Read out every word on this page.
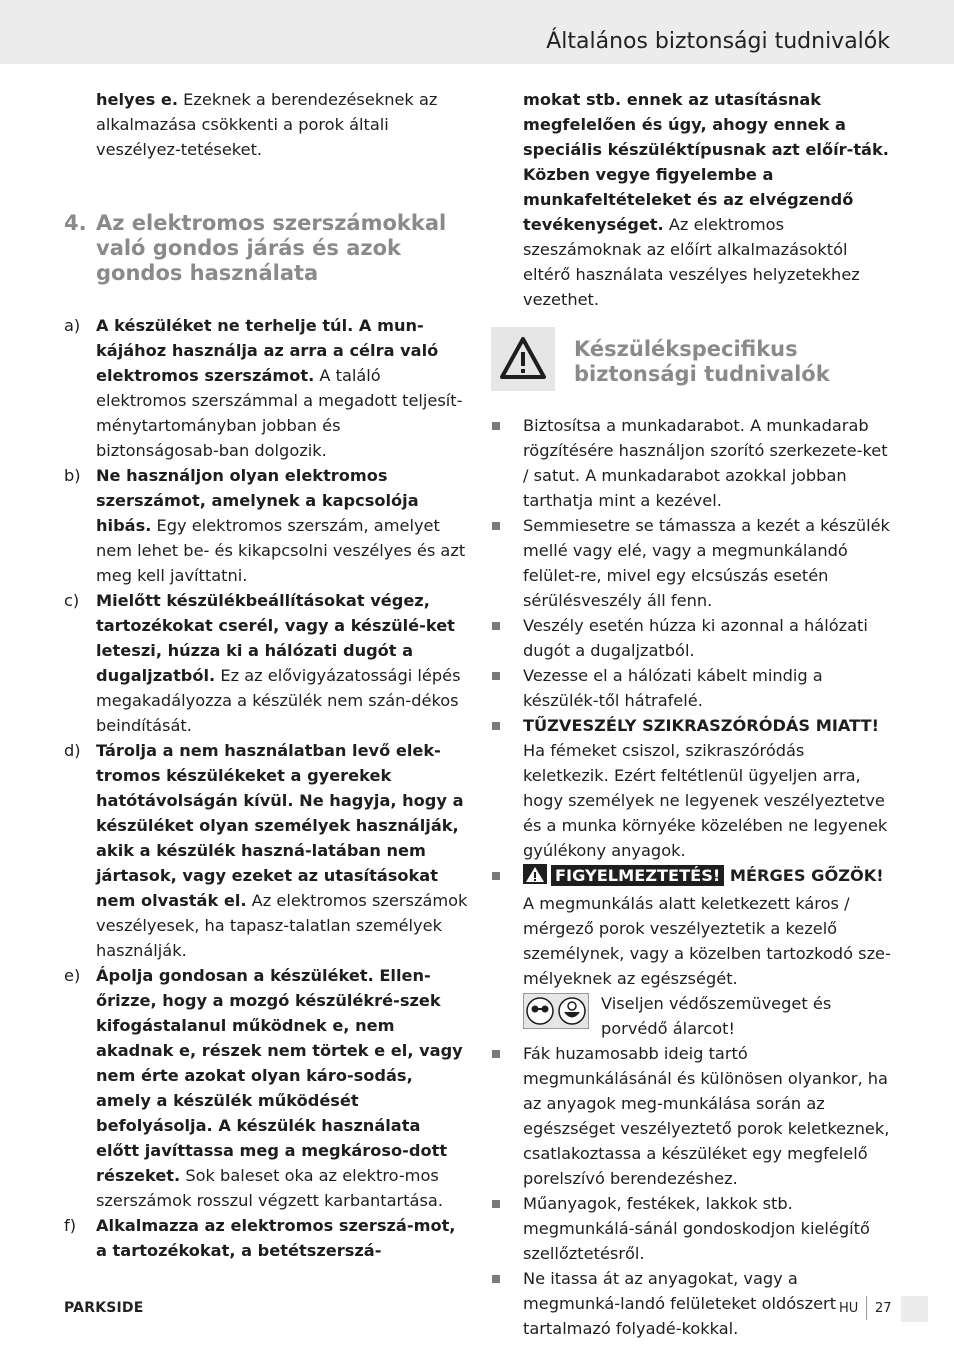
Általános biztonsági tudnivalók

helyes e. Ezeknek a berendezéseknek az alkalmazása csökkenti a porok általi veszélyez-tetéseket.

4. Az elektromos szerszámokkal való gondos járás és azok gondos használata
a) A készüléket ne terhelje túl. A mun-kájához használja az arra a célra való elektromos szerszámot. A találó elektromos szerszámmal a megadott teljesít-ménytartományban jobban és biztonságosab-ban dolgozik.
b) Ne használjon olyan elektromos szerszámot, amelynek a kapcsolója hibás. Egy elektromos szerszám, amelyet nem lehet be- és kikapcsolni veszélyes és azt meg kell javíttatni.
c) Mielőtt készülékbeállításokat végez, tartozékokat cserél, vagy a készülé-ket leteszi, húzza ki a hálózati dugót a dugaljzatból. Ez az elővigyázatossági lépés megakadályozza a készülék nem szán-dékos beindítását.
d) Tárolja a nem használatban levő elek-tromos készülékeket a gyerekek hatótávolságán kívül. Ne hagyja, hogy a készüléket olyan személyek használják, akik a készülék haszná-latában nem jártasok, vagy ezeket az utasításokat nem olvasták el. Az elektromos szerszámok veszélyesek, ha tapasz-talatlan személyek használják.
e) Ápolja gondosan a készüléket. Ellen-őrizze, hogy a mozgó készülékré-szek kifogástalanul működnek e, nem akadnak e, részek nem törtek e el, vagy nem érte azokat olyan káro-sodás, amely a készülék működését befolyásolja. A készülék használata előtt javíttassa meg a megkároso-dott részeket. Sok baleset oka az elektro-mos szerszámok rosszul végzett karbantartása.
f) Alkalmazza az elektromos szerszá-mot, a tartozékokat, a betétszerszá-

mokat stb. ennek az utasításnak megfelelően és úgy, ahogy ennek a speciális készüléktípusnak azt előír-ták. Közben vegye figyelembe a munkafeltételeket és az elvégzendő tevékenységet. Az elektromos szeszámoknak az előírt alkalmazásoktól eltérő használata veszélyes helyzetekhez vezethet.

Készülékspecifikus biztonsági tudnivalók
Biztosítsa a munkadarabot. A munkadarab rögzítésére használjon szorító szerkezete-ket / satut. A munkadarabot azokkal jobban tarthatja mint a kezével.
Semmiesetre se támassza a kezét a készülék mellé vagy elé, vagy a megmunkálandó felület-re, mivel egy elcsúszás esetén sérülésveszély áll fenn.
Veszély esetén húzza ki azonnal a hálózati dugót a dugaljzatból.
Vezesse el a hálózati kábelt mindig a készülék-től hátrafelé.
TŰZVESZÉLY SZIKRASZÓRÓDÁS MIATT! Ha fémeket csiszol, szikraszóródás keletkezik. Ezért feltétlenül ügyeljen arra, hogy személyek ne legyenek veszélyeztetve és a munka környéke közelében ne legyenek gyúlékony anyagok.
FIGYELMEZTETÉS! MÉRGES GŐZÖK! A megmunkálás alatt keletkezett káros / mérgező porok veszélyeztetik a kezelő személynek, vagy a közelben tartozkodó sze-mélyeknek az egészségét.
Viseljen védőszemüveget és porvédő álarcot!
Fák huzamosabb ideig tartó megmunkálásánál és különösen olyankor, ha az anyagok meg-munkálása során az egészséget veszélyeztető porok keletkeznek, csatlakoztassa a készüléket egy megfelelő porelszívó berendezéshez.
Műanyagok, festékek, lakkok stb. megmunkálá-sánál gondoskodjon kielégítő szellőztetésről.
Ne itassa át az anyagokat, vagy a megmunká-landó felületeket oldószert tartalmazó folyadé-kokkal.
PARKSIDE	HU 27
